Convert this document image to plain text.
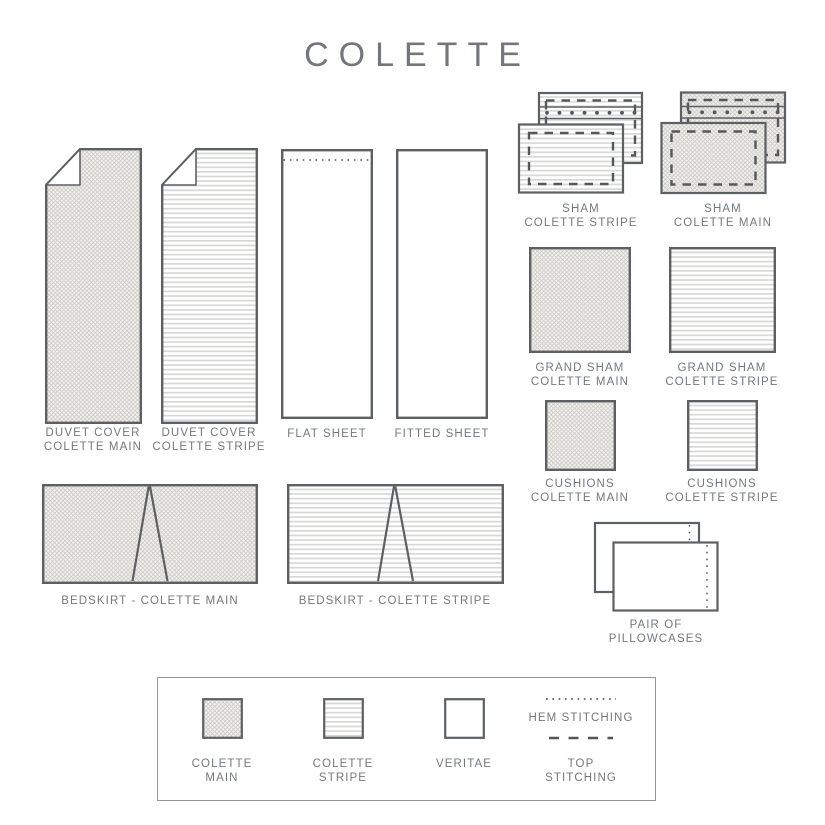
COLETTE
DUVET COVER
COLETTE MAIN
DUVET COVER
COLETTE STRIPE
FLAT SHEET	FITTED SHEET
SHAM
COLETTE STRIPE
SHAM
COLETTE MAIN
GRAND SHAM
COLETTE MAIN
GRAND SHAM
COLETTE STRIPE
CUSHIONS
COLETTE MAIN
CUSHIONS
COLETTE STRIPE
BEDSKIRT - COLETTE MAIN	BEDSKIRT - COLETTE STRIPE
PAIR OF
PILLOWCASES
COLETTE
MAIN
COLETTE
STRIPE
VERITAE
HEM STITCHING
TOP
STITCHING
